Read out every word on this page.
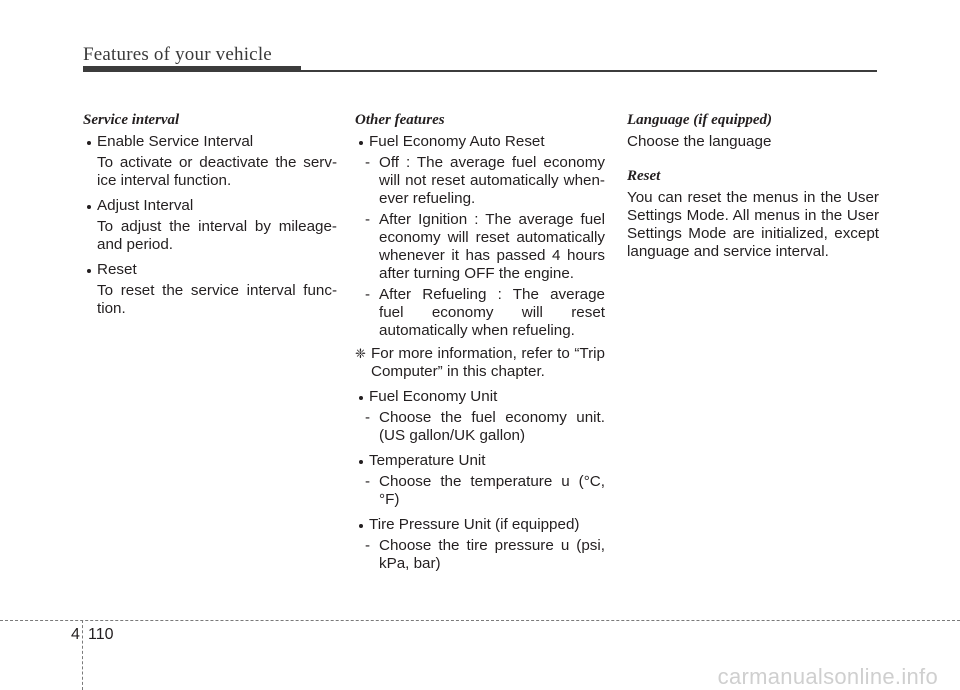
Features of your vehicle
Service interval
Enable Service Interval
To activate or deactivate the serv- ice interval function.
Adjust Interval
To adjust the interval by mileage- and period.
Reset
To reset the service interval func- tion.
Other features
Fuel Economy Auto Reset
- Off : The average fuel economy will not reset automatically when- ever refueling.
- After Ignition : The average fuel economy will reset automatically whenever it has passed 4 hours after turning OFF the engine.
- After Refueling : The average fuel economy will reset automatically when refueling.
❈ For more information, refer to “Trip Computer” in this chapter.
Fuel Economy Unit
- Choose the fuel economy unit. (US gallon/UK gallon)
Temperature Unit
- Choose the temperature u (°C,°F)
Tire Pressure Unit (if equipped)
- Choose the tire pressure u (psi, kPa, bar)
Language (if equipped)
Choose the language
Reset
You can reset the menus in the User Settings Mode. All menus in the User Settings Mode are initialized, except language and service interval.
4 110
carmanualsonline.info
